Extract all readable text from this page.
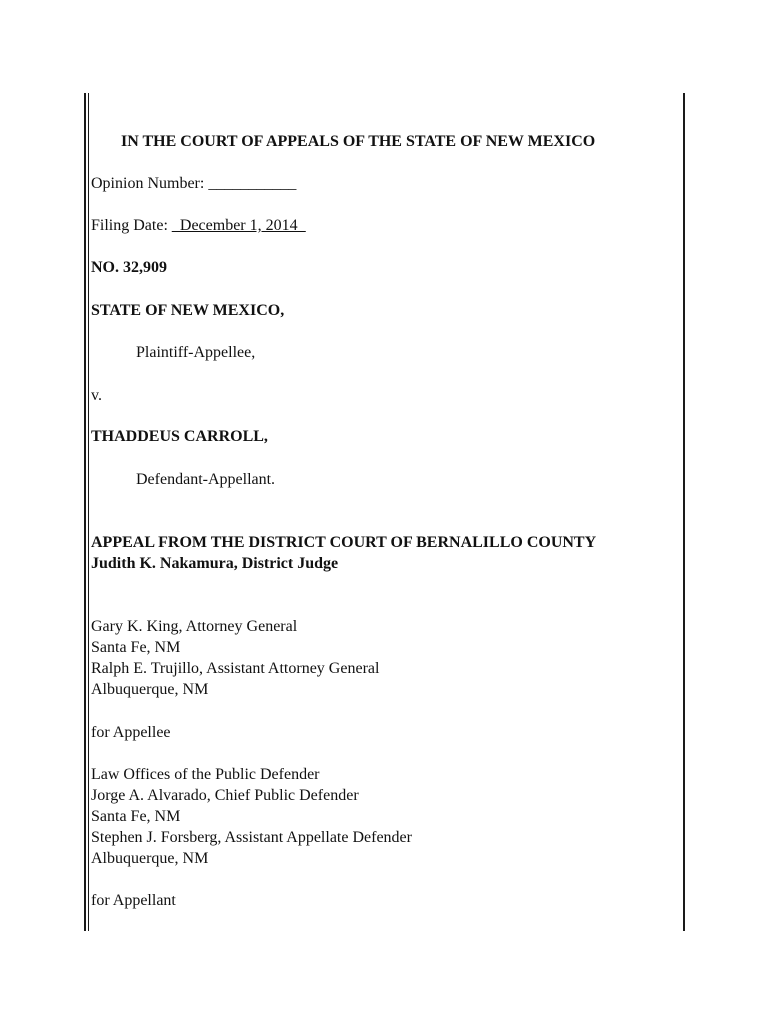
IN THE COURT OF APPEALS OF THE STATE OF NEW MEXICO
Opinion Number: ___________
Filing Date: _December 1, 2014_
NO. 32,909
STATE OF NEW MEXICO,
Plaintiff-Appellee,
v.
THADDEUS CARROLL,
Defendant-Appellant.
APPEAL FROM THE DISTRICT COURT OF BERNALILLO COUNTY
Judith K. Nakamura, District Judge
Gary K. King, Attorney General
Santa Fe, NM
Ralph E. Trujillo, Assistant Attorney General
Albuquerque, NM
for Appellee
Law Offices of the Public Defender
Jorge A. Alvarado, Chief Public Defender
Santa Fe, NM
Stephen J. Forsberg, Assistant Appellate Defender
Albuquerque, NM
for Appellant
